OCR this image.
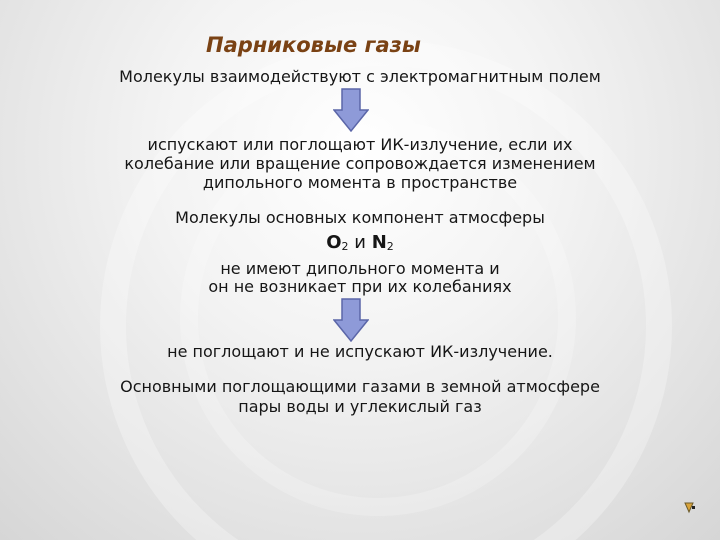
Парниковые газы
Молекулы взаимодействуют с электромагнитным полем
испускают или поглощают ИК-излучение, если их
колебание или вращение сопровождается изменением
дипольного момента в пространстве
Молекулы основных компонент атмосферы
$O_2$ и $N_2$
не имеют дипольного момента и
он не возникает при их колебаниях
не поглощают и не испускают ИК-излучение.
Основными поглощающими газами в земной атмосфере
пары воды и углекислый газ
